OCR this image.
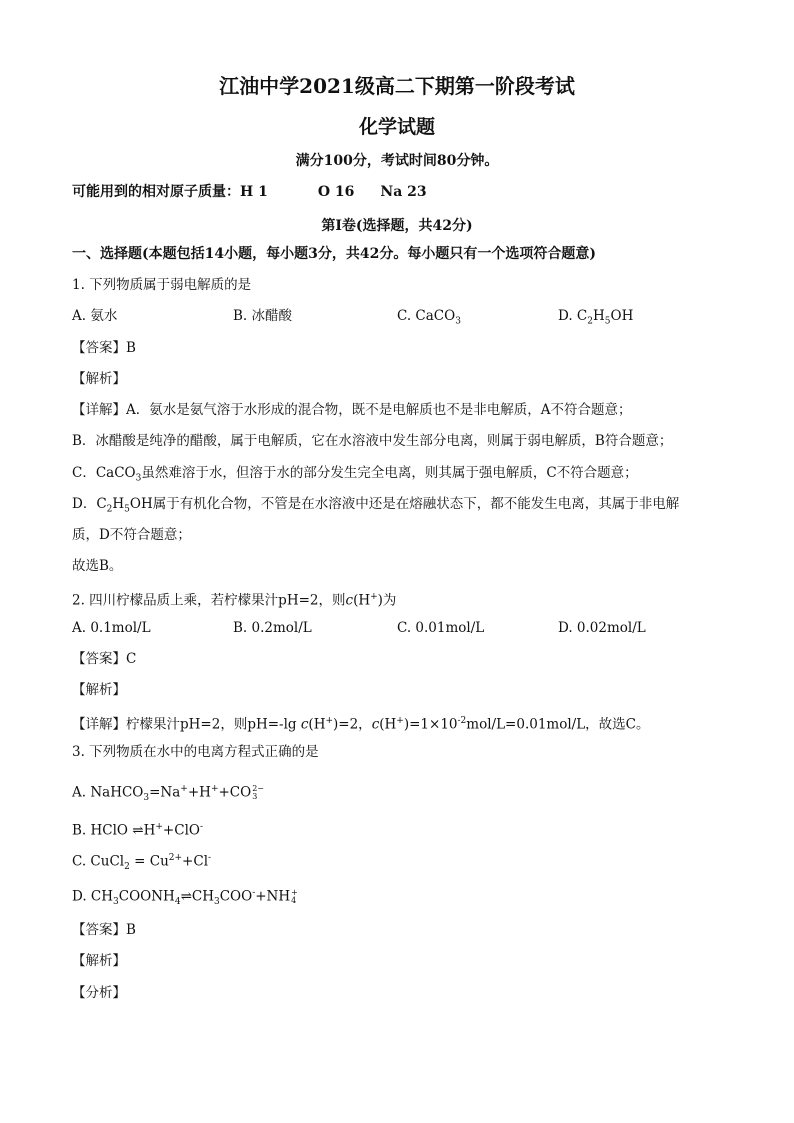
江油中学2021级高二下期第一阶段考试
化学试题
满分100分，考试时间80分钟。
可能用到的相对原子质量：H 1	O 16 Na 23
第I卷(选择题，共42分)
一、选择题(本题包括14小题，每小题3分，共42分。每小题只有一个选项符合题意)
1. 下列物质属于弱电解质的是
A. 氨水	B. 冰醋酸	C. CaCO$_3$	D. $C_2H_5OH$
【答案】B
【解析】
【详解】A．氨水是氨气溶于水形成的混合物，既不是电解质也不是非电解质，A不符合题意；
B．冰醋酸是纯净的醋酸，属于电解质，它在水溶液中发生部分电离，则属于弱电解质，B符合题意；
C．CaCO$_3$虽然难溶于水，但溶于水的部分发生完全电离，则其属于强电解质，C不符合题意；
D．$C_2H_5OH$属于有机化合物，不管是在水溶液中还是在熔融状态下，都不能发生电离，其属于非电解
质，D不符合题意；
故选B。
2. 四川柠檬品质上乘，若柠檬果汁pH=2，则c(H+)为
A. 0.1mol/L	B. 0.2mol/L	C. 0.01mol/L	D. 0.02mol/L
【答案】C
【解析】
【详解】柠檬果汁pH=2，则pH=-lg c(H+)=2，$c(H^+)=1\times 10^{-2}mol/L=0.01mol/L$，故选C。
3. 下列物质在水中的电离方程式正确的是
A. NaHCO$_3$=Na++H++CO2−
3
B. HClO ⇌H++ClO-
C. CuCl$_2$ = $Cu^{2+}+Cl^-$
D. $CH_3COONH_4\rightleftharpoons CH_3COO^-+NH+$
4
【答案】B
【解析】
【分析】
